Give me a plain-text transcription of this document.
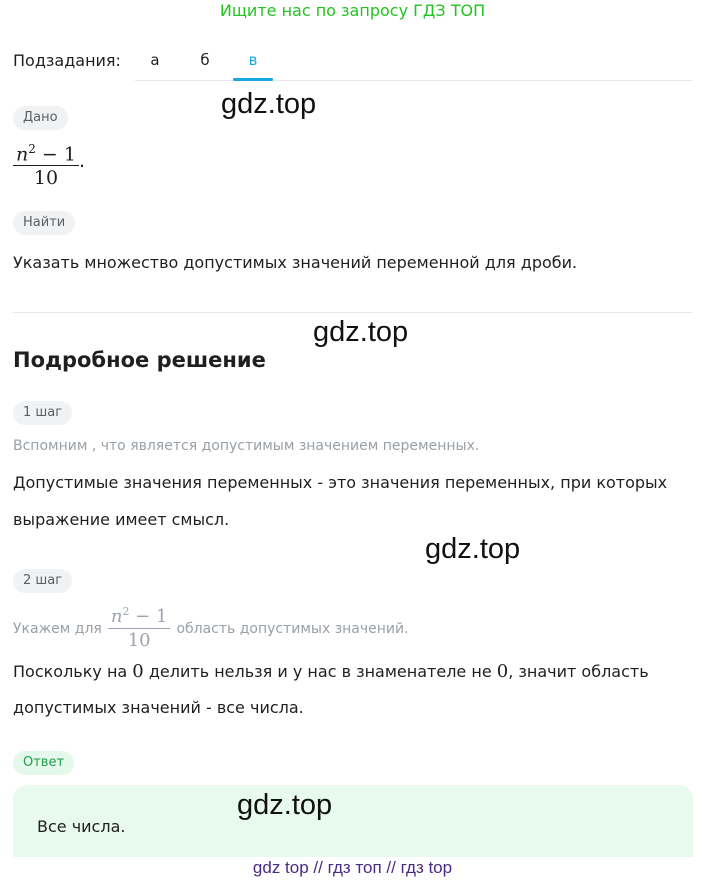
Ищите нас по запросу ГДЗ ТОП
Подзадания:	а	б	в
Дано
$\frac{n^2 - 1}{10}$ .
Найти
Указать множество допустимых значений переменной для дроби.
Подробное решение
1 шаг
Вспомним , что является допустимым значением переменных.
Допустимые значения переменных - это значения переменных, при которых
выражение имеет смысл.
2 шаг
Укажем для $\frac{n^2 - 1}{10}$ область допустимых значений.
Поскольку на 0 делить нельзя и у нас в знаменателе не 0, значит область
допустимых значений - все числа.
Ответ
Все числа.
gdz.top
gdz.top
gdz.top
gdz.top
gdz top // гдз топ // гдз top
